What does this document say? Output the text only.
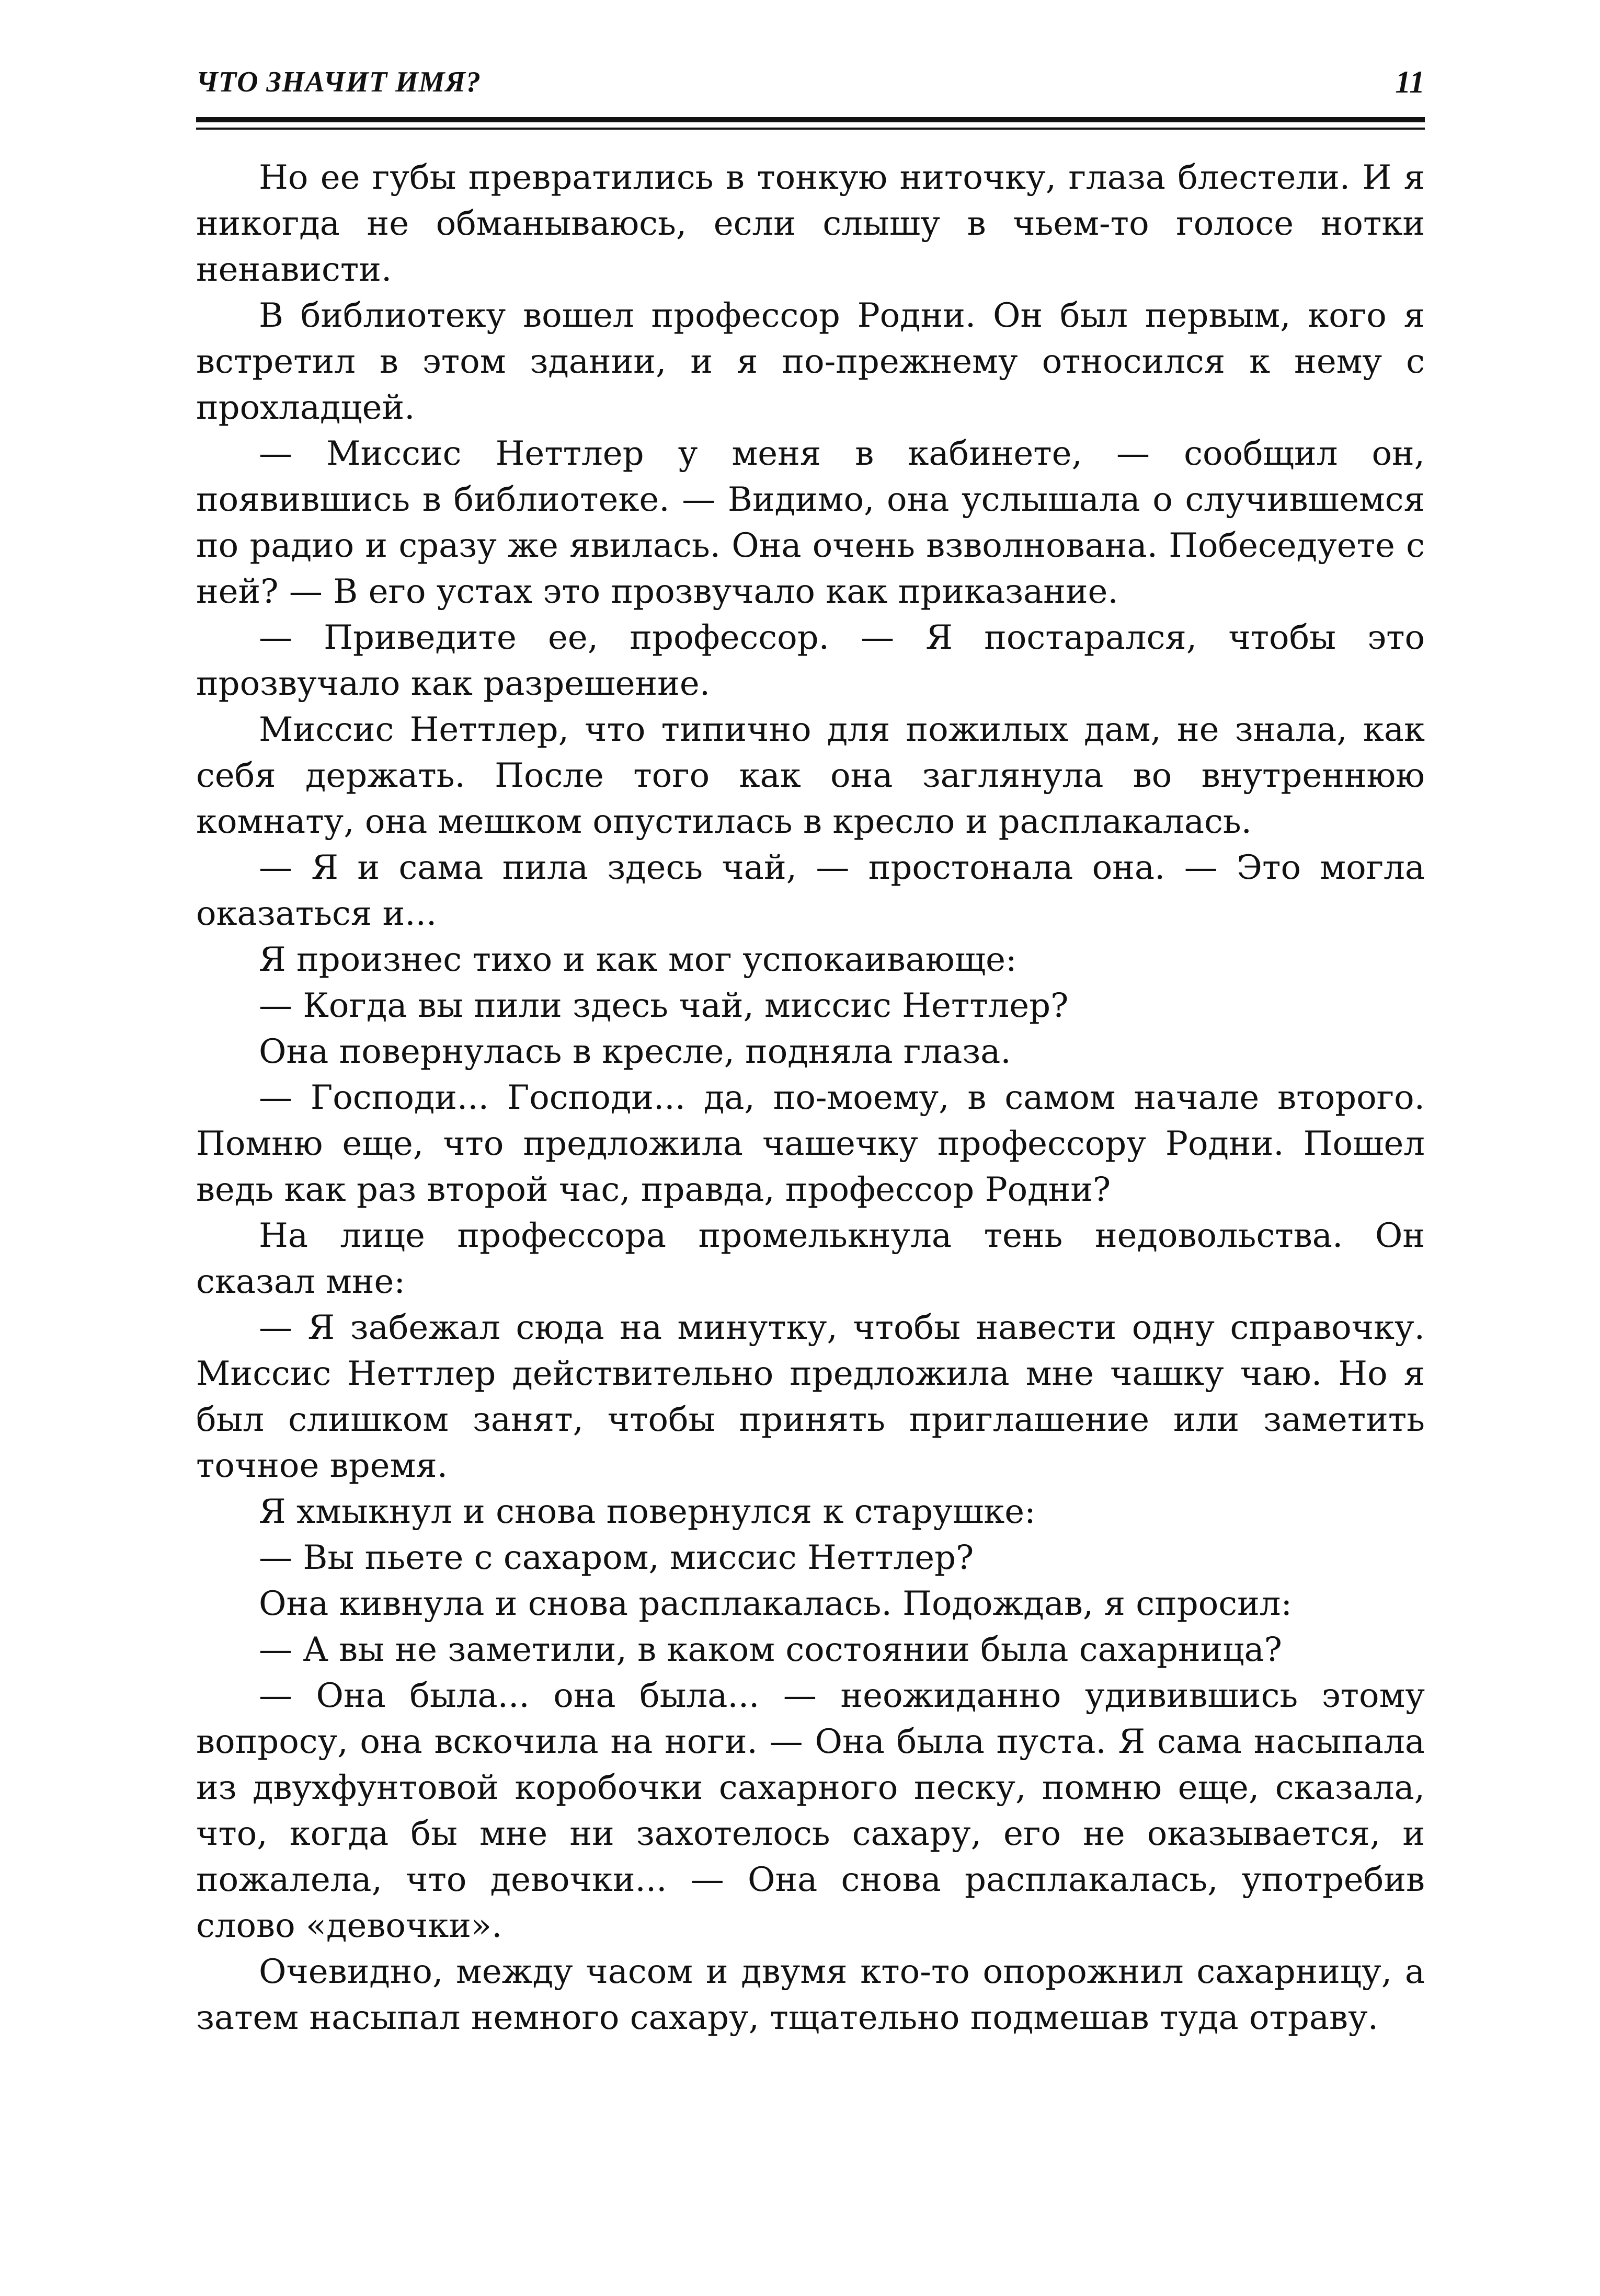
ЧТО ЗНАЧИТ ИМЯ?	11

Но ее губы превратились в тонкую ниточку, глаза блестели. И я никогда не обманываюсь, если слышу в чьем-то голосе нотки ненависти.

В библиотеку вошел профессор Родни. Он был первым, кого я встретил в этом здании, и я по-прежнему относился к нему с прохладцей.

— Миссис Неттлер у меня в кабинете, — сообщил он, появившись в библиотеке. — Видимо, она услышала о случившемся по радио и сразу же явилась. Она очень взволнована. Побеседуете с ней? — В его устах это прозвучало как приказание.

— Приведите ее, профессор. — Я постарался, чтобы это прозвучало как разрешение.

Миссис Неттлер, что типично для пожилых дам, не знала, как себя держать. После того как она заглянула во внутреннюю комнату, она мешком опустилась в кресло и расплакалась.

— Я и сама пила здесь чай, — простонала она. — Это могла оказаться и...

Я произнес тихо и как мог успокаивающе:

— Когда вы пили здесь чай, миссис Неттлер?

Она повернулась в кресле, подняла глаза.

— Господи... Господи... да, по-моему, в самом начале второго. Помню еще, что предложила чашечку профессору Родни. Пошел ведь как раз второй час, правда, профессор Родни?

На лице профессора промелькнула тень недовольства. Он сказал мне:

— Я забежал сюда на минутку, чтобы навести одну справочку. Миссис Неттлер действительно предложила мне чашку чаю. Но я был слишком занят, чтобы принять приглашение или заметить точное время.

Я хмыкнул и снова повернулся к старушке:

— Вы пьете с сахаром, миссис Неттлер?

Она кивнула и снова расплакалась. Подождав, я спросил:

— А вы не заметили, в каком состоянии была сахарница?

— Она была... она была... — неожиданно удивившись этому вопросу, она вскочила на ноги. — Она была пуста. Я сама насыпала из двухфунтовой коробочки сахарного песку, помню еще, сказала, что, когда бы мне ни захотелось сахару, его не оказывается, и пожалела, что девочки... — Она снова расплакалась, употребив слово «девочки».

Очевидно, между часом и двумя кто-то опорожнил сахарницу, а затем насыпал немного сахару, тщательно подмешав туда отраву.
